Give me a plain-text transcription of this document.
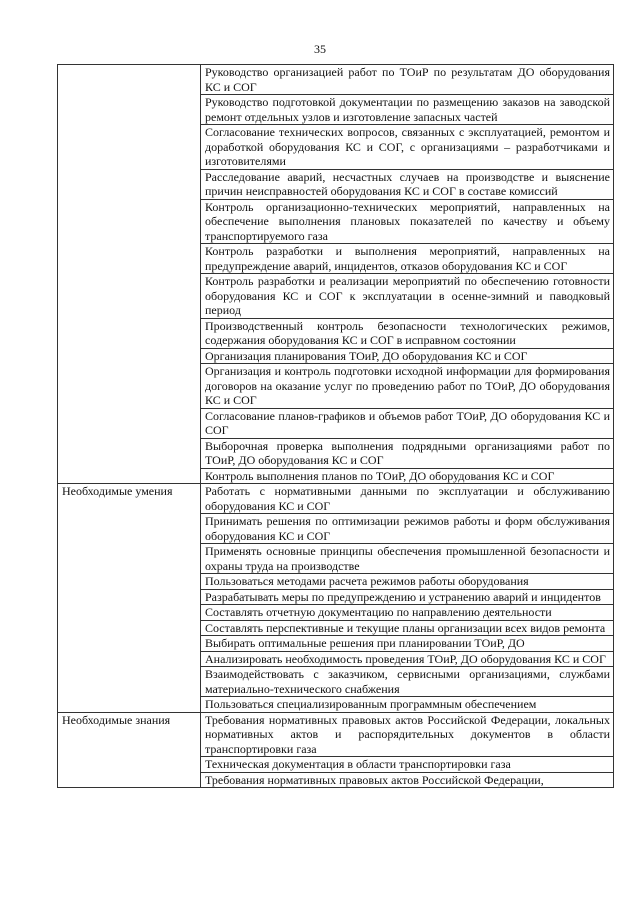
35
	Руководство организацией работ по ТОиР по результатам ДО оборудования КС и СОГ
	Руководство подготовкой документации по размещению заказов на заводской ремонт отдельных узлов и изготовление запасных частей
	Согласование технических вопросов, связанных с эксплуатацией, ремонтом и доработкой оборудования КС и СОГ, с организациями – разработчиками и изготовителями
	Расследование аварий, несчастных случаев на производстве и выяснение причин неисправностей оборудования КС и СОГ в составе комиссий
	Контроль организационно-технических мероприятий, направленных на обеспечение выполнения плановых показателей по качеству и объему транспортируемого газа
	Контроль разработки и выполнения мероприятий, направленных на предупреждение аварий, инцидентов, отказов оборудования КС и СОГ
	Контроль разработки и реализации мероприятий по обеспечению готовности оборудования КС и СОГ к эксплуатации в осенне-зимний и паводковый период
	Производственный контроль безопасности технологических режимов, содержания оборудования КС и СОГ в исправном состоянии
	Организация планирования ТОиР, ДО оборудования КС и СОГ
	Организация и контроль подготовки исходной информации для формирования договоров на оказание услуг по проведению работ по ТОиР, ДО оборудования КС и СОГ
	Согласование планов-графиков и объемов работ ТОиР, ДО оборудования КС и СОГ
	Выборочная проверка выполнения подрядными организациями работ по ТОиР, ДО оборудования КС и СОГ
	Контроль выполнения планов по ТОиР, ДО оборудования КС и СОГ
Необходимые умения	Работать с нормативными данными по эксплуатации и обслуживанию оборудования КС и СОГ
	Принимать решения по оптимизации режимов работы и форм обслуживания оборудования КС и СОГ
	Применять основные принципы обеспечения промышленной безопасности и охраны труда на производстве
	Пользоваться методами расчета режимов работы оборудования
	Разрабатывать меры по предупреждению и устранению аварий и инцидентов
	Составлять отчетную документацию по направлению деятельности
	Составлять перспективные и текущие планы организации всех видов ремонта
	Выбирать оптимальные решения при планировании ТОиР, ДО
	Анализировать необходимость проведения ТОиР, ДО оборудования КС и СОГ
	Взаимодействовать с заказчиком, сервисными организациями, службами материально-технического снабжения
	Пользоваться специализированным программным обеспечением
Необходимые знания	Требования нормативных правовых актов Российской Федерации, локальных нормативных актов и распорядительных документов в области транспортировки газа
	Техническая документация в области транспортировки газа
	Требования нормативных правовых актов Российской Федерации,
